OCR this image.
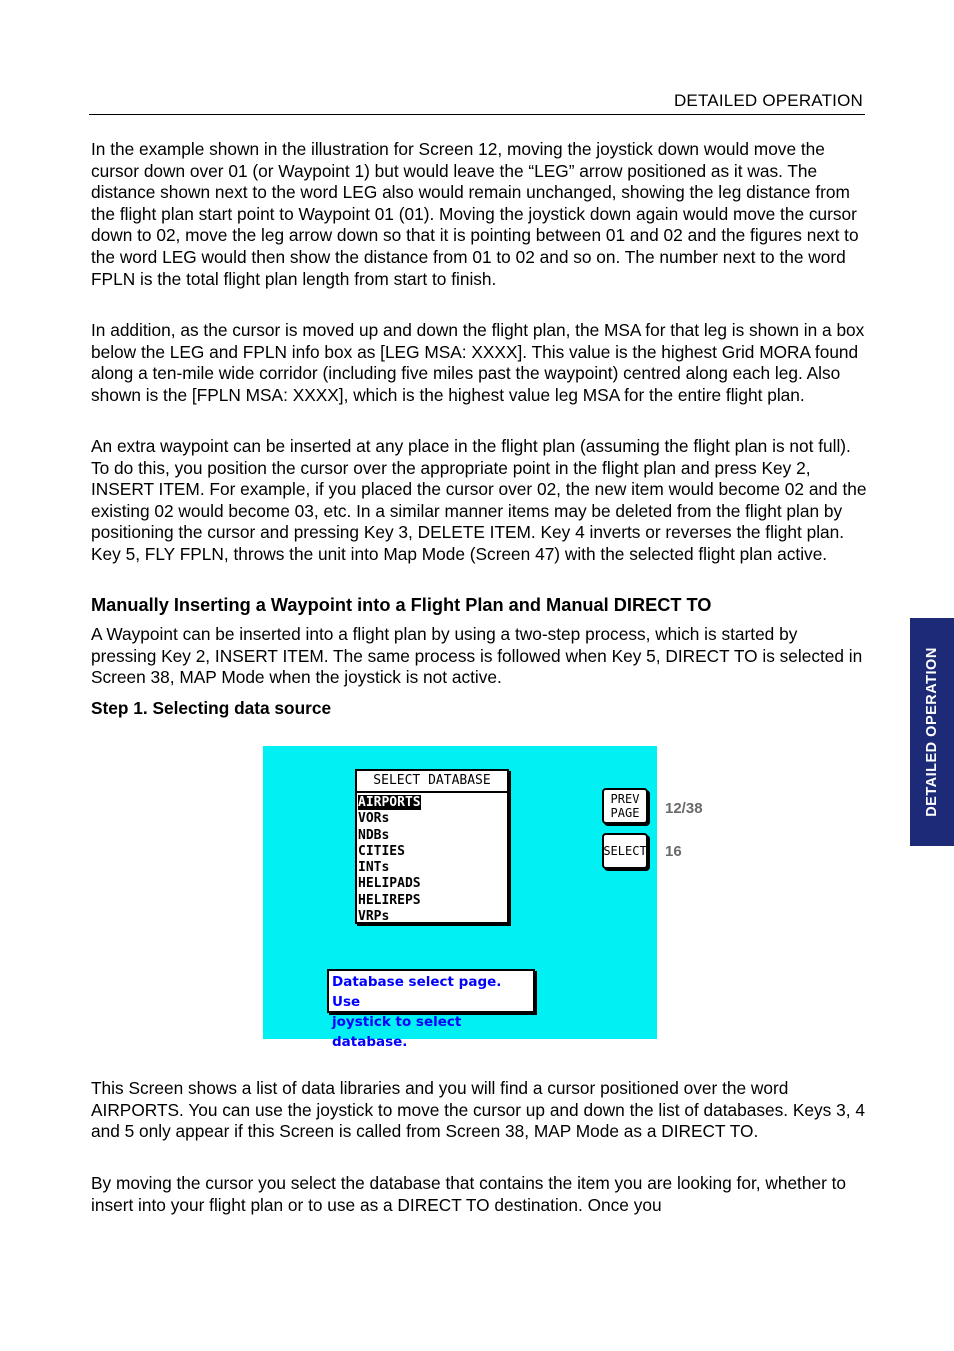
DETAILED OPERATION

In the example shown in the illustration for Screen 12, moving the joystick down would move the cursor down over 01 (or Waypoint 1) but would leave the “LEG” arrow positioned as it was. The distance shown next to the word LEG also would remain unchanged, showing the leg distance from the flight plan start point to Waypoint 01 (01). Moving the joystick down again would move the cursor down to 02, move the leg arrow down so that it is pointing between 01 and 02 and the figures next to the word LEG would then show the distance from 01 to 02 and so on. The number next to the word FPLN is the total flight plan length from start to finish.

In addition, as the cursor is moved up and down the flight plan, the MSA for that leg is shown in a box below the LEG and FPLN info box as [LEG MSA: XXXX]. This value is the highest Grid MORA found along a ten-mile wide corridor (including five miles past the waypoint) centred along each leg. Also shown is the [FPLN MSA: XXXX], which is the highest value leg MSA for the entire flight plan.

An extra waypoint can be inserted at any place in the flight plan (assuming the flight plan is not full). To do this, you position the cursor over the appropriate point in the flight plan and press Key 2, INSERT ITEM. For example, if you placed the cursor over 02, the new item would become 02 and the existing 02 would become 03, etc. In a similar manner items may be deleted from the flight plan by positioning the cursor and pressing Key 3, DELETE ITEM. Key 4 inverts or reverses the flight plan. Key 5, FLY FPLN, throws the unit into Map Mode (Screen 47) with the selected flight plan active.

Manually Inserting a Waypoint into a Flight Plan and Manual DIRECT TO

A Waypoint can be inserted into a flight plan by using a two-step process, which is started by pressing Key 2, INSERT ITEM. The same process is followed when Key 5, DIRECT TO is selected in Screen 38, MAP Mode when the joystick is not active.

Step 1. Selecting data source
SELECT DATABASE
AIRPORTS
VORs
NDBs
CITIES
INTs
HELIPADS
HELIREPS
VRPs
PREV
PAGE 12/38
SELECT 16
Database select page. Use
joystick to select database.

This Screen shows a list of data libraries and you will find a cursor positioned over the word AIRPORTS. You can use the joystick to move the cursor up and down the list of databases. Keys 3, 4 and 5 only appear if this Screen is called from Screen 38, MAP Mode as a DIRECT TO.

By moving the cursor you select the database that contains the item you are looking for, whether to insert into your flight plan or to use as a DIRECT TO destination. Once you

DETAILED OPERATION
